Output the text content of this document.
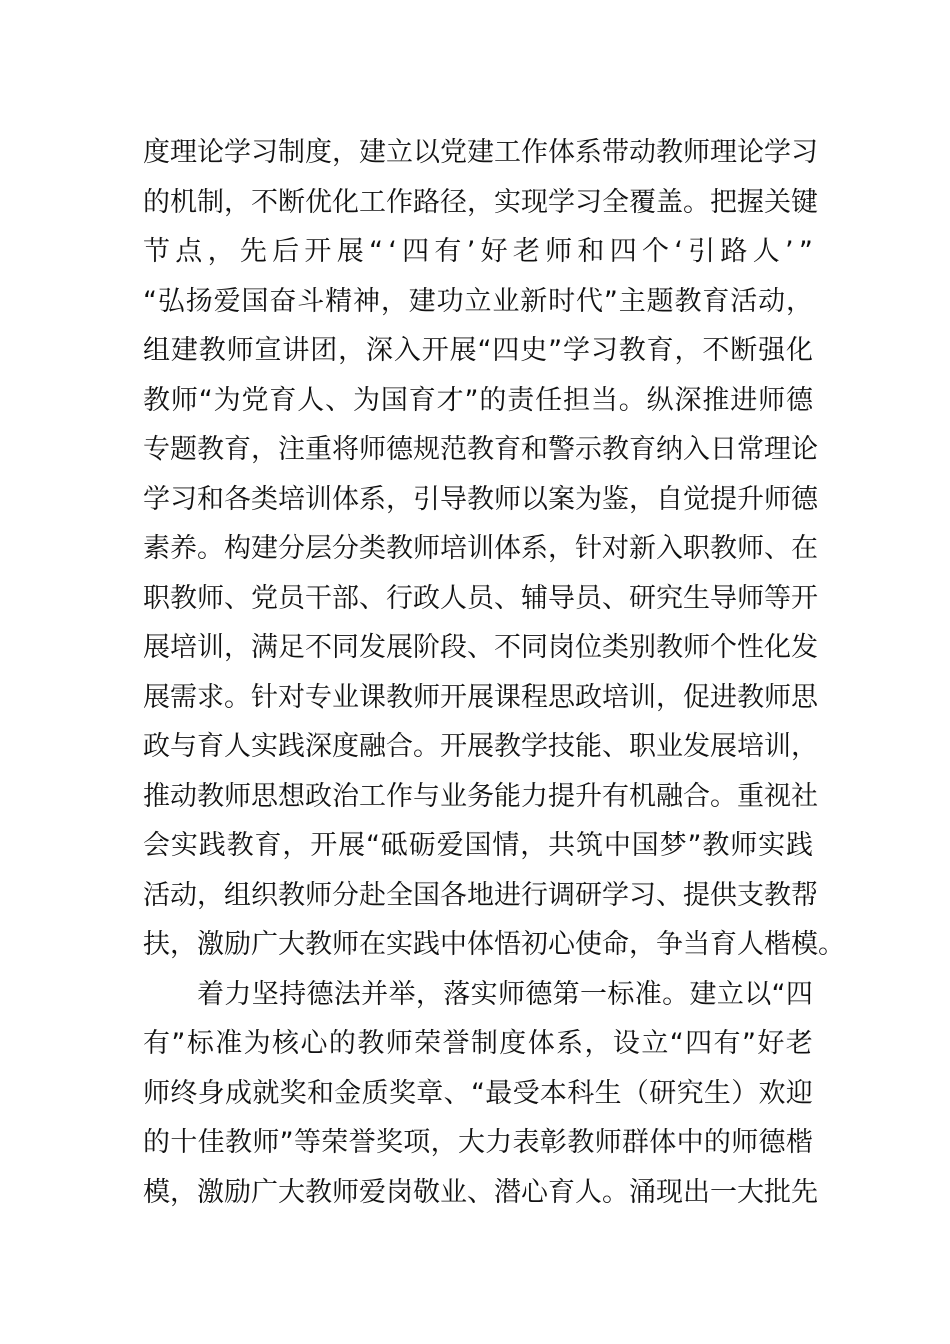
度 理 论 学 习 制 度 ， 建 立 以 党 建 工 作 体 系 带 动 教 师 理 论 学 习
的 机 制 ， 不 断 优 化 工 作 路 径 ， 实 现 学 习 全 覆 盖 。 把 握 关 键
节 点 ， 先 后 开 展 “ ‘ 四 有 ’ 好 老 师 和 四 个 ‘ 引 路 人 ’ ”
“ 弘 扬 爱 国 奋 斗 精 神 ， 建 功 立 业 新 时 代 ” 主 题 教 育 活 动 ，
组 建 教 师 宣 讲 团 ， 深 入 开 展 “ 四 史 ” 学 习 教 育 ， 不 断 强 化
教 师 “ 为 党 育 人 、 为 国 育 才 ” 的 责 任 担 当 。 纵 深 推 进 师 德
专 题 教 育 ， 注 重 将 师 德 规 范 教 育 和 警 示 教 育 纳 入 日 常 理 论
学 习 和 各 类 培 训 体 系 ， 引 导 教 师 以 案 为 鉴 ， 自 觉 提 升 师 德
素 养 。 构 建 分 层 分 类 教 师 培 训 体 系 ， 针 对 新 入 职 教 师 、 在
职 教 师 、 党 员 干 部 、 行 政 人 员 、 辅 导 员 、 研 究 生 导 师 等 开
展 培 训 ， 满 足 不 同 发 展 阶 段 、 不 同 岗 位 类 别 教 师 个 性 化 发
展 需 求 。 针 对 专 业 课 教 师 开 展 课 程 思 政 培 训 ， 促 进 教 师 思
政 与 育 人 实 践 深 度 融 合 。 开 展 教 学 技 能 、 职 业 发 展 培 训 ，
推 动 教 师 思 想 政 治 工 作 与 业 务 能 力 提 升 有 机 融 合 。 重 视 社
会 实 践 教 育 ， 开 展 “ 砥 砺 爱 国 情 ， 共 筑 中 国 梦 ” 教 师 实 践
活 动 ， 组 织 教 师 分 赴 全 国 各 地 进 行 调 研 学 习 、 提 供 支 教 帮
扶，激励广大教师在实践中体悟初心使命，争当育人楷模。
着 力 坚 持 德 法 并 举 ， 落 实 师 德 第 一 标 准 。 建 立 以 “ 四
有 ” 标 准 为 核 心 的 教 师 荣 誉 制 度 体 系 ， 设 立 “ 四 有 ” 好 老
师 终 身 成 就 奖 和 金 质 奖 章 、 “ 最 受 本 科 生 （ 研 究 生 ） 欢 迎
的 十 佳 教 师 ” 等 荣 誉 奖 项 ， 大 力 表 彰 教 师 群 体 中 的 师 德 楷
模 ， 激 励 广 大 教 师 爱 岗 敬 业 、 潜 心 育 人 。 涌 现 出 一 大 批 先
